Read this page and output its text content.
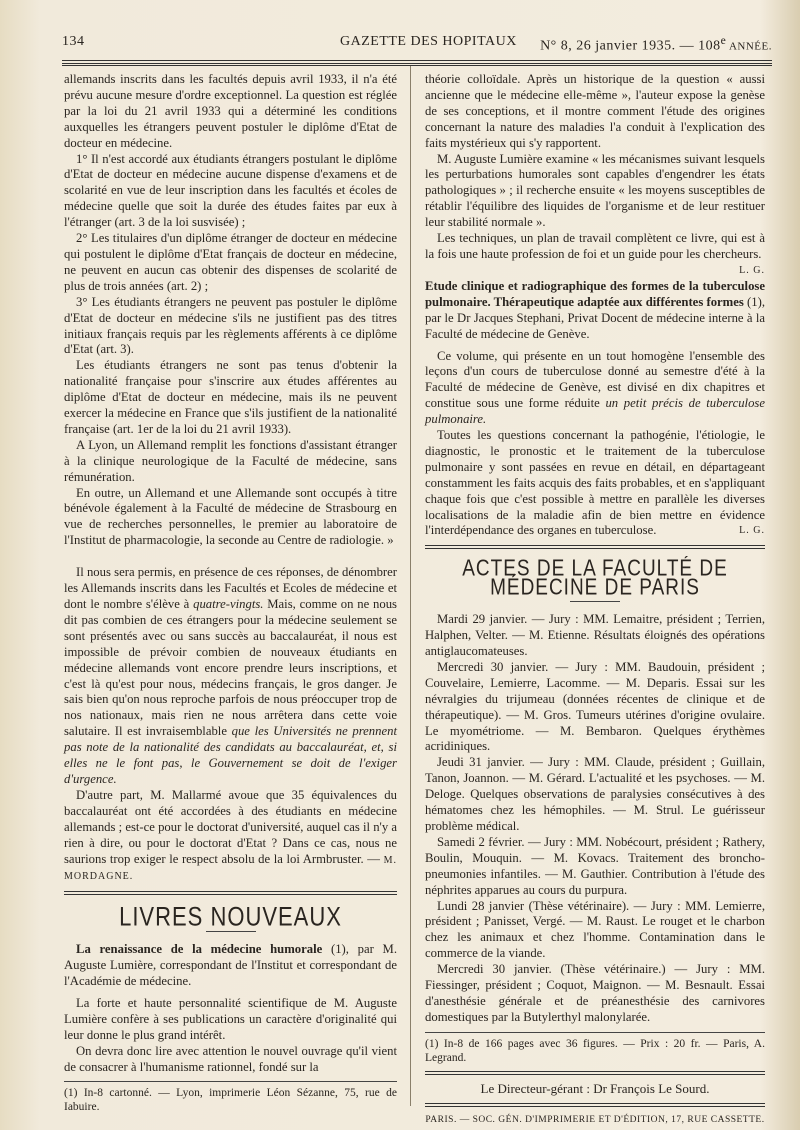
134	GAZETTE DES HOPITAUX N° 8, 26 janvier 1935. — 108e ANNÉE.

allemands inscrits dans les facultés depuis avril 1933, il n'a été prévu aucune mesure d'ordre exceptionnel. La question est réglée par la loi du 21 avril 1933 qui a déterminé les conditions auxquelles les étrangers peuvent postuler le diplôme d'Etat de docteur en médecine.

1° Il n'est accordé aux étudiants étrangers postulant le diplôme d'Etat de docteur en médecine aucune dispense d'examens et de scolarité en vue de leur inscription dans les facultés et écoles de médecine quelle que soit la durée des études faites par eux à l'étranger (art. 3 de la loi susvisée) ;

2° Les titulaires d'un diplôme étranger de docteur en médecine qui postulent le diplôme d'Etat français de docteur en médecine, ne peuvent en aucun cas obtenir des dispenses de scolarité de plus de trois années (art. 2) ;

3° Les étudiants étrangers ne peuvent pas postuler le diplôme d'Etat de docteur en médecine s'ils ne justifient pas des titres initiaux français requis par les règlements afférents à ce diplôme d'Etat (art. 3).

Les étudiants étrangers ne sont pas tenus d'obtenir la nationalité française pour s'inscrire aux études afférentes au diplôme d'Etat de docteur en médecine, mais ils ne peuvent exercer la médecine en France que s'ils justifient de la nationalité française (art. 1er de la loi du 21 avril 1933).

A Lyon, un Allemand remplit les fonctions d'assistant étranger à la clinique neurologique de la Faculté de médecine, sans rémunération.

En outre, un Allemand et une Allemande sont occupés à titre bénévole également à la Faculté de médecine de Strasbourg en vue de recherches personnelles, le premier au laboratoire de l'Institut de pharmacologie, la seconde au Centre de radiologie. »

Il nous sera permis, en présence de ces réponses, de dénombrer les Allemands inscrits dans les Facultés et Ecoles de médecine et dont le nombre s'élève à quatre-vingts. Mais, comme on ne nous dit pas combien de ces étrangers pour la médecine seulement se sont présentés avec ou sans succès au baccalauréat, il nous est impossible de prévoir combien de nouveaux étudiants en médecine allemands vont encore prendre leurs inscriptions, et c'est là qu'est pour nous, médecins français, le gros danger. Je sais bien qu'on nous reproche parfois de nous préoccuper trop de nos nationaux, mais rien ne nous arrêtera dans cette voie salutaire. Il est invraisemblable que les Universités ne prennent pas note de la nationalité des candidats au baccalauréat, et, si elles ne le font pas, le Gouvernement se doit de l'exiger d'urgence.

D'autre part, M. Mallarmé avoue que 35 équivalences du baccalauréat ont été accordées à des étudiants en médecine allemands ; est-ce pour le doctorat d'université, auquel cas il n'y a rien à dire, ou pour le doctorat d'Etat ? Dans ce cas, nous ne saurions trop exiger le respect absolu de la loi Armbruster. — M. MORDAGNE.

LIVRES NOUVEAUX

La renaissance de la médecine humorale (1), par M. Auguste Lumière, correspondant de l'Institut et correspondant de l'Académie de médecine.

La forte et haute personnalité scientifique de M. Auguste Lumière confère à ses publications un caractère d'originalité qui leur donne le plus grand intérêt.

On devra donc lire avec attention le nouvel ouvrage qu'il vient de consacrer à l'humanisme rationnel, fondé sur la

(1) In-8 cartonné. — Lyon, imprimerie Léon Sézanne, 75, rue de Iabuire.

théorie colloïdale. Après un historique de la question « aussi ancienne que le médecine elle-même », l'auteur expose la genèse de ses conceptions, et il montre comment l'étude des origines concernant la nature des maladies l'a conduit à l'explication des faits mystérieux qui s'y rapportent.

M. Auguste Lumière examine « les mécanismes suivant lesquels les perturbations humorales sont capables d'engendrer les états pathologiques » ; il recherche ensuite « les moyens susceptibles de rétablir l'équilibre des liquides de l'organisme et de leur restituer leur stabilité normale ».

Les techniques, un plan de travail complètent ce livre, qui est à la fois une haute profession de foi et un guide pour les chercheurs.
L. G.

Etude clinique et radiographique des formes de la tuberculose pulmonaire. Thérapeutique adaptée aux différentes formes (1), par le Dr Jacques Stephani, Privat Docent de médecine interne à la Faculté de médecine de Genève.

Ce volume, qui présente en un tout homogène l'ensemble des leçons d'un cours de tuberculose donné au semestre d'été à la Faculté de médecine de Genève, est divisé en dix chapitres et constitue sous une forme réduite un petit précis de tuberculose pulmonaire.

Toutes les questions concernant la pathogénie, l'étiologie, le diagnostic, le pronostic et le traitement de la tuberculose pulmonaire y sont passées en revue en détail, en départageant constamment les faits acquis des faits probables, et en s'appliquant chaque fois que c'est possible à mettre en parallèle les diverses localisations de la maladie afin de bien mettre en évidence l'interdépendance des organes en tuberculose.	L. G.

ACTES DE LA FACULTÉ DE MÉDECINE DE PARIS

Mardi 29 janvier. — Jury : MM. Lemaitre, président ; Terrien, Halphen, Velter. — M. Etienne. Résultats éloignés des opérations antiglaucomateuses.

Mercredi 30 janvier. — Jury : MM. Baudouin, président ; Couvelaire, Lemierre, Lacomme. — M. Deparis. Essai sur les névralgies du trijumeau (données récentes de clinique et de thérapeutique). — M. Gros. Tumeurs utérines d'origine ovulaire. Le myométriome. — M. Bembaron. Quelques érythèmes acridiniques.

Jeudi 31 janvier. — Jury : MM. Claude, président ; Guillain, Tanon, Joannon. — M. Gérard. L'actualité et les psychoses. — M. Deloge. Quelques observations de paralysies consécutives à des hématomes chez les hémophiles. — M. Strul. Le guérisseur problème médical.

Samedi 2 février. — Jury : MM. Nobécourt, président ; Rathery, Boulin, Mouquin. — M. Kovacs. Traitement des broncho-pneumonies infantiles. — M. Gauthier. Contribution à l'étude des néphrites apparues au cours du purpura.

Lundi 28 janvier (Thèse vétérinaire). — Jury : MM. Lemierre, président ; Panisset, Vergé. — M. Raust. Le rouget et le charbon chez les animaux et chez l'homme. Contamination dans le commerce de la viande.

Mercredi 30 janvier. (Thèse vétérinaire.) — Jury : MM. Fiessinger, président ; Coquot, Maignon. — M. Besnault. Essai d'anesthésie générale et de préanesthésie des carnivores domestiques par la Butylerthyl malonylarée.

(1) In-8 de 166 pages avec 36 figures. — Prix : 20 fr. — Paris, A. Legrand.

Le Directeur-gérant : Dr François Le Sourd.
PARIS. — SOC. GÉN. D'IMPRIMERIE ET D'ÉDITION, 17, RUE CASSETTE.
